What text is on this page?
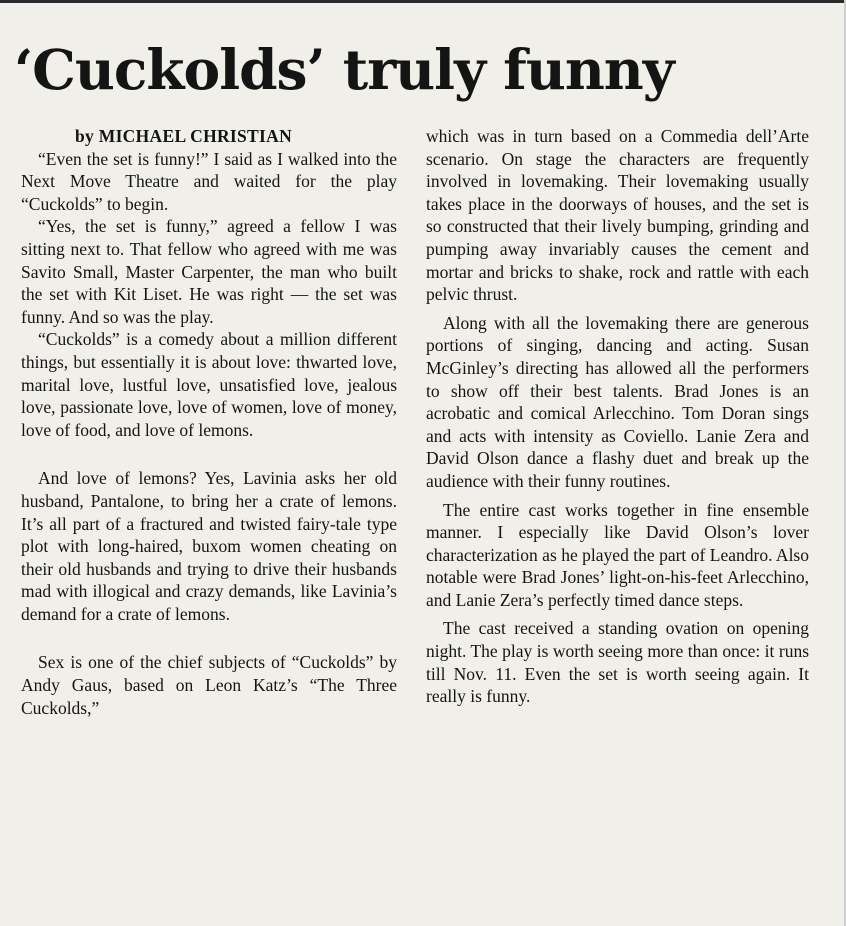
‘Cuckolds’ truly funny

by MICHAEL CHRISTIAN

“Even the set is funny!” I said as I walked into the Next Move Theatre and waited for the play “Cuckolds” to begin.

“Yes, the set is funny,” agreed a fellow I was sitting next to. That fellow who agreed with me was Savito Small, Master Carpenter, the man who built the set with Kit Liset. He was right — the set was funny. And so was the play.

“Cuckolds” is a comedy about a million different things, but essentially it is about love: thwarted love, marital love, lustful love, unsatisfied love, jealous love, passionate love, love of women, love of money, love of food, and love of lemons.

And love of lemons? Yes, Lavinia asks her old husband, Pantalone, to bring her a crate of lemons. It’s all part of a fractured and twisted fairy-tale type plot with long-haired, buxom women cheating on their old husbands and trying to drive their husbands mad with illogical and crazy demands, like Lavinia’s demand for a crate of lemons.

Sex is one of the chief subjects of “Cuckolds” by Andy Gaus, based on Leon Katz’s “The Three Cuckolds,”

which was in turn based on a Commedia dell’Arte scenario. On stage the characters are frequently involved in lovemaking. Their lovemaking usually takes place in the doorways of houses, and the set is so constructed that their lively bumping, grinding and pumping away invariably causes the cement and mortar and bricks to shake, rock and rattle with each pelvic thrust.

Along with all the lovemaking there are generous portions of singing, dancing and acting. Susan McGinley’s directing has allowed all the performers to show off their best talents. Brad Jones is an acrobatic and comical Arlecchino. Tom Doran sings and acts with intensity as Coviello. Lanie Zera and David Olson dance a flashy duet and break up the audience with their funny routines.

The entire cast works together in fine ensemble manner. I especially like David Olson’s lover characterization as he played the part of Leandro. Also notable were Brad Jones’ light-on-his-feet Arlecchino, and Lanie Zera’s perfectly timed dance steps.

The cast received a standing ovation on opening night. The play is worth seeing more than once: it runs till Nov. 11. Even the set is worth seeing again. It really is funny.
